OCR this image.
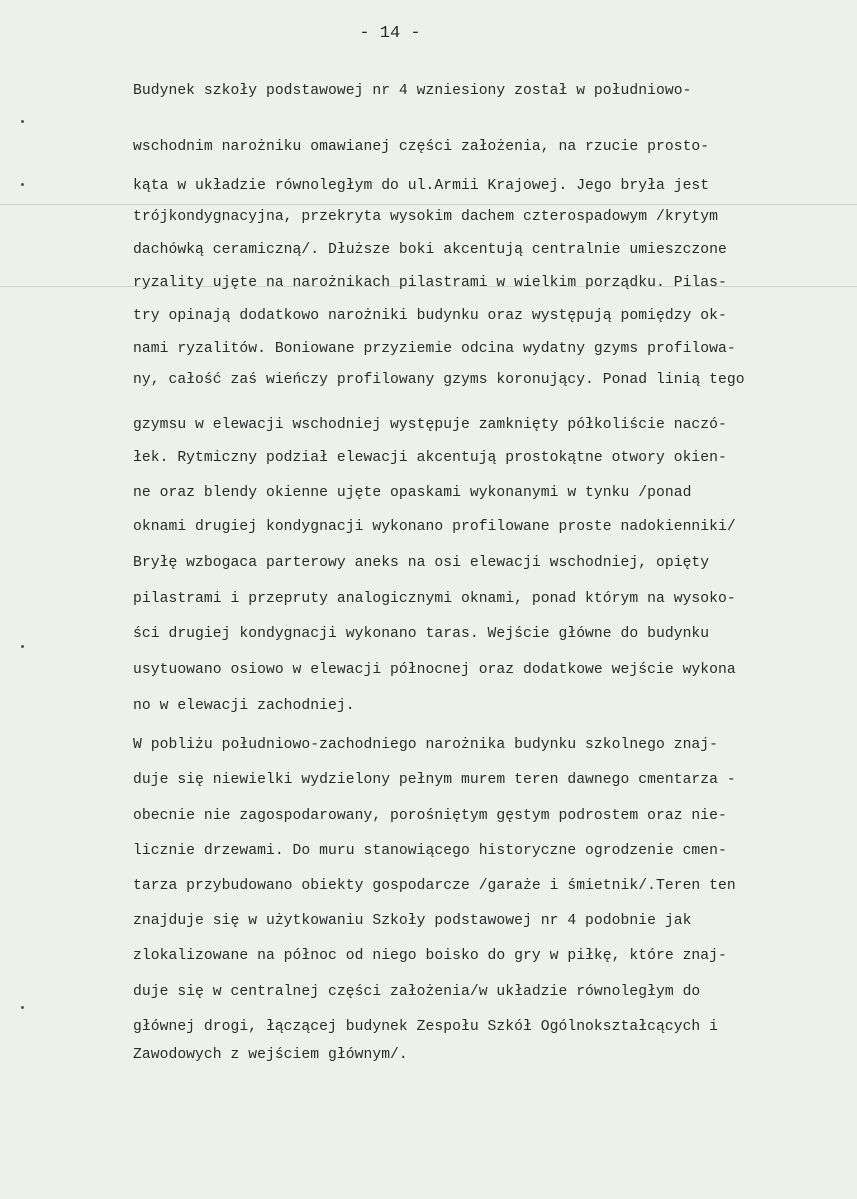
- 14 -
Budynek szkoły podstawowej nr 4 wzniesiony został w południowo-
wschodnim narożniku omawianej części założenia, na rzucie prosto-
kąta w układzie równoległym do ul.Armii Krajowej. Jego bryła jest
trójkondygnacyjna, przekryta wysokim dachem czterospadowym /krytym
dachówką ceramiczną/. Dłuższe boki akcentują centralnie umieszczone
ryzality ujęte na narożnikach pilastrami w wielkim porządku. Pilas-
try opinają dodatkowo narożniki budynku oraz występują pomiędzy ok-
nami ryzalitów. Boniowane przyziemie odcina wydatny gzyms profilowa-
ny, całość zaś wieńczy profilowany gzyms koronujący. Ponad linią tego
gzymsu w elewacji wschodniej występuje zamknięty półkoliście naczó-
łek. Rytmiczny podział elewacji akcentują prostokątne otwory okien-
ne oraz blendy okienne ujęte opaskami wykonanymi w tynku /ponad
oknami drugiej kondygnacji wykonano profilowane proste nadokienniki/
Bryłę wzbogaca parterowy aneks na osi elewacji wschodniej, opięty
pilastrami i przepruty analogicznymi oknami, ponad którym na wysoko-
ści drugiej kondygnacji wykonano taras. Wejście główne do budynku
usytuowano osiowo w elewacji północnej oraz dodatkowe wejście wykona
no w elewacji zachodniej.
W pobliżu południowo-zachodniego narożnika budynku szkolnego znaj-
duje się niewielki wydzielony pełnym murem teren dawnego cmentarza -
obecnie nie zagospodarowany, porośniętym gęstym podrostem oraz nie-
licznie drzewami. Do muru stanowiącego historyczne ogrodzenie cmen-
tarza przybudowano obiekty gospodarcze /garaże i śmietnik/.Teren ten
znajduje się w użytkowaniu Szkoły podstawowej nr 4 podobnie jak
zlokalizowane na północ od niego boisko do gry w piłkę, które znaj-
duje się w centralnej części założenia/w układzie równoległym do
głównej drogi, łączącej budynek Zespołu Szkół Ogólnokształcących i
Zawodowych z wejściem głównym/.
